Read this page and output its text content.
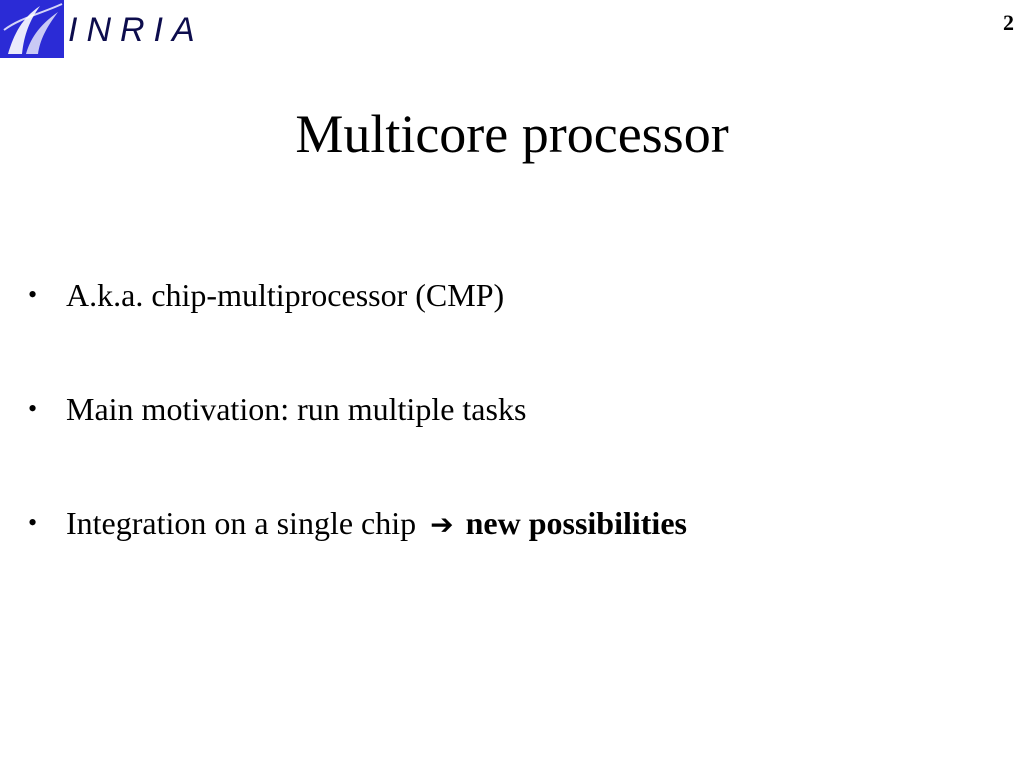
INRIA	2
Multicore processor
• A.k.a. chip-multiprocessor (CMP)
• Main motivation: run multiple tasks
• Integration on a single chip ➔ new possibilities
